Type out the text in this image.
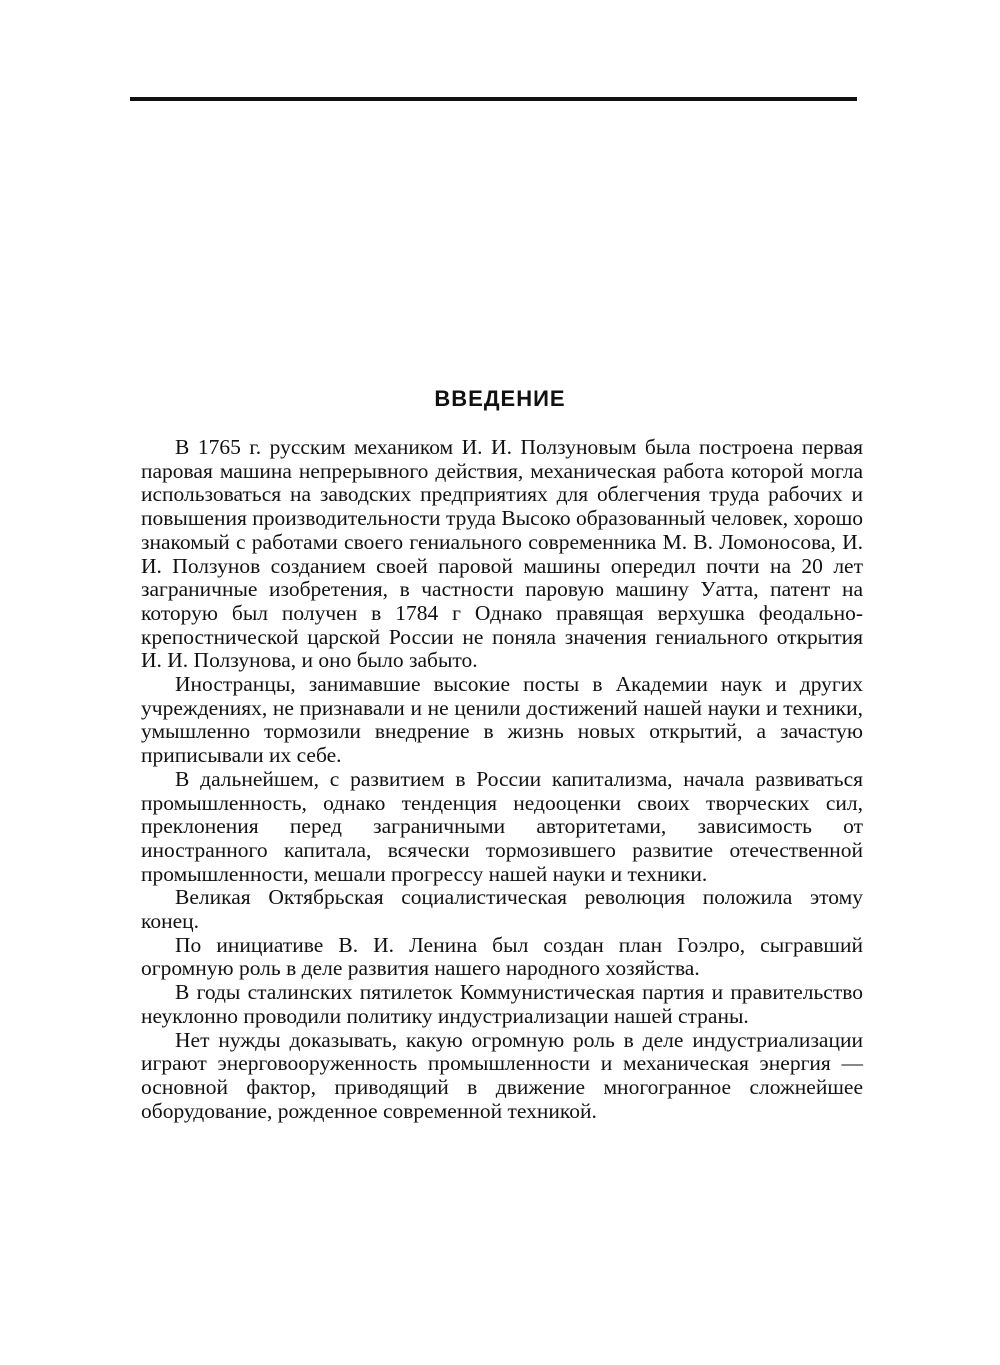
ВВЕДЕНИЕ

В 1765 г. русским механиком И. И. Ползуновым была построена первая паровая машина непрерывного действия, механическая работа которой могла использоваться на заводских предприятиях для облегчения труда рабочих и повышения производительности труда Высоко образованный человек, хорошо знакомый с работами своего гениального современника М. В. Ломоносова, И. И. Ползунов созданием своей паровой машины опередил почти на 20 лет заграничные изобретения, в частности паровую машину Уатта, патент на которую был получен в 1784 г Однако правящая верхушка феодально-крепостнической царской России не поняла значения гениального открытия И. И. Ползунова, и оно было забыто.

Иностранцы, занимавшие высокие посты в Академии наук и других учреждениях, не признавали и не ценили достижений нашей науки и техники, умышленно тормозили внедрение в жизнь новых открытий, а зачастую приписывали их себе.

В дальнейшем, с развитием в России капитализма, начала развиваться промышленность, однако тенденция недооценки своих творческих сил, преклонения перед заграничными авторитетами, зависимость от иностранного капитала, всячески тормозившего развитие отечественной промышленности, мешали прогрессу нашей науки и техники.

Великая Октябрьская социалистическая революция положила этому конец.

По инициативе В. И. Ленина был создан план Гоэлро, сыгравший огромную роль в деле развития нашего народного хозяйства.

В годы сталинских пятилеток Коммунистическая партия и правительство неуклонно проводили политику индустриализации нашей страны.

Нет нужды доказывать, какую огромную роль в деле индустриализации играют энерговооруженность промышленности и механическая энергия — основной фактор, приводящий в движение многогранное сложнейшее оборудование, рожденное современной техникой.
